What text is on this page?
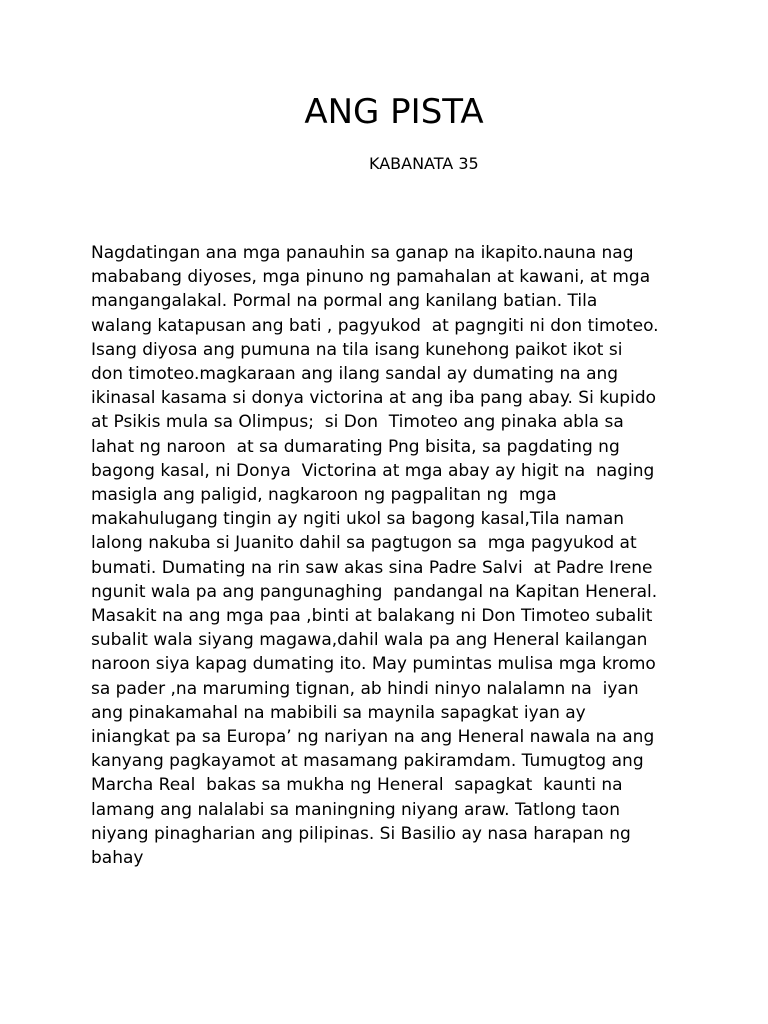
ANG PISTA

KABANATA 35

Nagdatingan ana mga panauhin sa ganap na ikapito.nauna nag
mababang diyoses, mga pinuno ng pamahalan at kawani, at mga
mangangalakal. Pormal na pormal ang kanilang batian. Tila
walang katapusan ang bati , pagyukod  at pagngiti ni don timoteo.
Isang diyosa ang pumuna na tila isang kunehong paikot ikot si
don timoteo.magkaraan ang ilang sandal ay dumating na ang
ikinasal kasama si donya victorina at ang iba pang abay. Si kupido
at Psikis mula sa Olimpus;  si Don  Timoteo ang pinaka abla sa
lahat ng naroon  at sa dumarating Png bisita, sa pagdating ng
bagong kasal, ni Donya  Victorina at mga abay ay higit na  naging
masigla ang paligid, nagkaroon ng pagpalitan ng  mga
makahulugang tingin ay ngiti ukol sa bagong kasal,Tila naman
lalong nakuba si Juanito dahil sa pagtugon sa  mga pagyukod at
bumati. Dumating na rin saw akas sina Padre Salvi  at Padre Irene
ngunit wala pa ang pangunaghing  pandangal na Kapitan Heneral.
Masakit na ang mga paa ,binti at balakang ni Don Timoteo subalit
subalit wala siyang magawa,dahil wala pa ang Heneral kailangan
naroon siya kapag dumating ito. May pumintas mulisa mga kromo
sa pader ,na maruming tignan, ab hindi ninyo nalalamn na  iyan
ang pinakamahal na mabibili sa maynila sapagkat iyan ay
iniangkat pa sa Europa’ ng nariyan na ang Heneral nawala na ang
kanyang pagkayamot at masamang pakiramdam. Tumugtog ang
Marcha Real  bakas sa mukha ng Heneral  sapagkat  kaunti na
lamang ang nalalabi sa maningning niyang araw. Tatlong taon
niyang pinagharian ang pilipinas. Si Basilio ay nasa harapan ng
bahay
